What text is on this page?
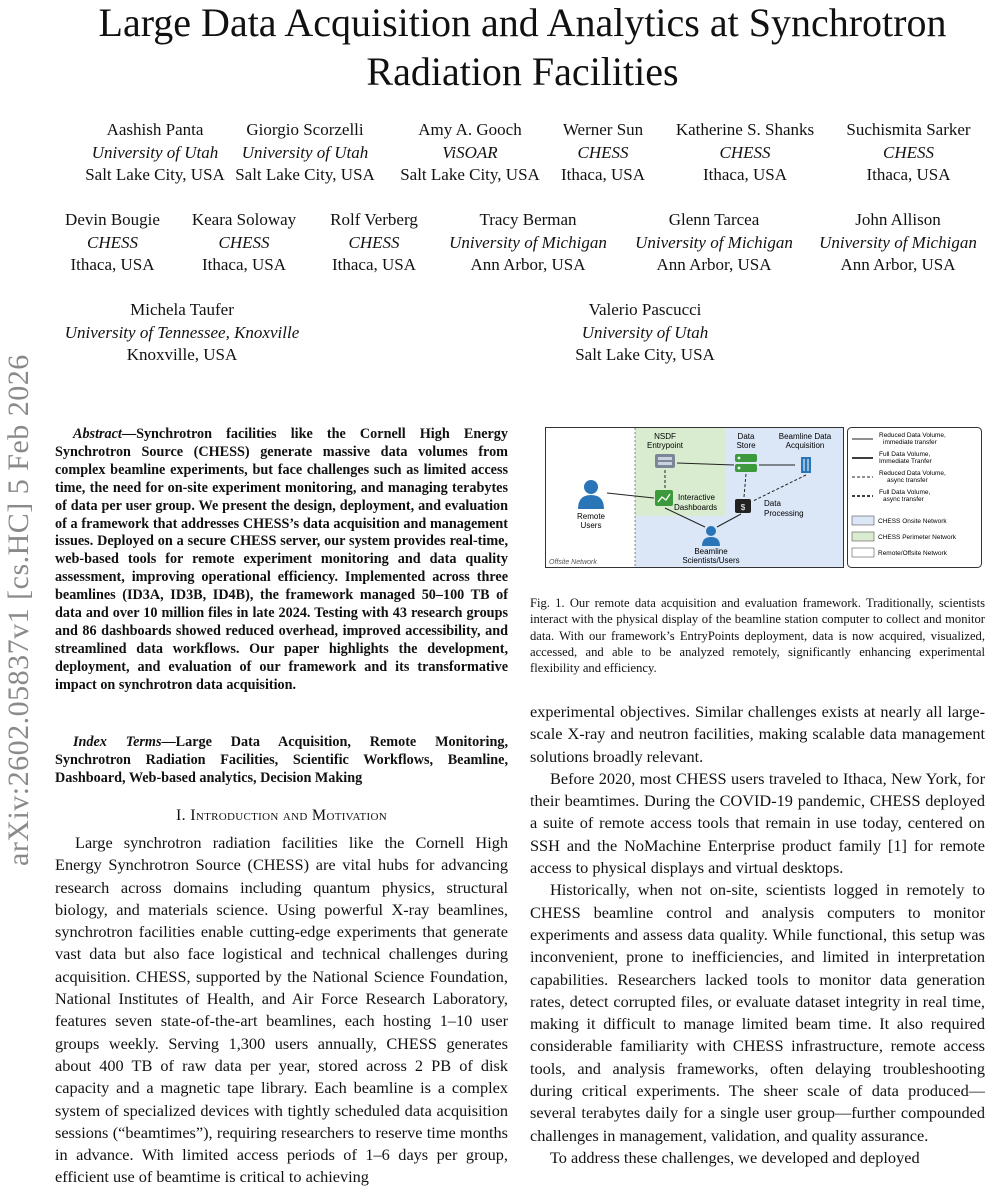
arXiv:2602.05837v1 [cs.HC] 5 Feb 2026
Large Data Acquisition and Analytics at Synchrotron Radiation Facilities
Aashish Panta
University of Utah
Salt Lake City, USA
Giorgio Scorzelli
University of Utah
Salt Lake City, USA
Amy A. Gooch
ViSOAR
Salt Lake City, USA
Werner Sun
CHESS
Ithaca, USA
Katherine S. Shanks
CHESS
Ithaca, USA
Suchismita Sarker
CHESS
Ithaca, USA
Devin Bougie
CHESS
Ithaca, USA
Keara Soloway
CHESS
Ithaca, USA
Rolf Verberg
CHESS
Ithaca, USA
Tracy Berman
University of Michigan
Ann Arbor, USA
Glenn Tarcea
University of Michigan
Ann Arbor, USA
John Allison
University of Michigan
Ann Arbor, USA
Michela Taufer
University of Tennessee, Knoxville
Knoxville, USA
Valerio Pascucci
University of Utah
Salt Lake City, USA
Abstract—Synchrotron facilities like the Cornell High Energy Synchrotron Source (CHESS) generate massive data volumes from complex beamline experiments, but face challenges such as limited access time, the need for on-site experiment monitoring, and managing terabytes of data per user group. We present the design, deployment, and evaluation of a framework that addresses CHESS’s data acquisition and management issues. Deployed on a secure CHESS server, our system provides real-time, web-based tools for remote experiment monitoring and data quality assessment, improving operational efficiency. Implemented across three beamlines (ID3A, ID3B, ID4B), the framework managed 50–100 TB of data and over 10 million files in late 2024. Testing with 43 research groups and 86 dashboards showed reduced overhead, improved accessibility, and streamlined data workflows. Our paper highlights the development, deployment, and evaluation of our framework and its transformative impact on synchrotron data acquisition.
Index Terms—Large Data Acquisition, Remote Monitoring, Synchrotron Radiation Facilities, Scientific Workflows, Beamline, Dashboard, Web-based analytics, Decision Making
I. Introduction and Motivation

Large synchrotron radiation facilities like the Cornell High Energy Synchrotron Source (CHESS) are vital hubs for advancing research across domains including quantum physics, structural biology, and materials science. Using powerful X-ray beamlines, synchrotron facilities enable cutting-edge experiments that generate vast data but also face logistical and technical challenges during acquisition. CHESS, supported by the National Science Foundation, National Institutes of Health, and Air Force Research Laboratory, features seven state-of-the-art beamlines, each hosting 1–10 user groups weekly. Serving 1,300 users annually, CHESS generates about 400 TB of raw data per year, stored across 2 PB of disk capacity and a magnetic tape library. Each beamline is a complex system of specialized devices with tightly scheduled data acquisition sessions (“beamtimes”), requiring researchers to reserve time months in advance. With limited access periods of 1–6 days per group, efficient use of beamtime is critical to achieving

Remote
Users
NSDF
Entrypoint
Interactive
Dashboards
Data
Store
Beamline Data
Acquisition
$ Data
Processing
Beamline
Scientists/Users
Offsite Network
Reduced Data Volume,
immediate transfer
Full Data Volume,
Immediate Tranfer
Reduced Data Volume,
async transfer
Full Data Volume,
async transfer
CHESS Onsite Network
CHESS Perimeter Network
Remote/Offsite Network
Fig. 1. Our remote data acquisition and evaluation framework. Traditionally, scientists interact with the physical display of the beamline station computer to collect and monitor data. With our framework’s EntryPoints deployment, data is now acquired, visualized, accessed, and able to be analyzed remotely, significantly enhancing experimental flexibility and efficiency.

experimental objectives. Similar challenges exists at nearly all large-scale X-ray and neutron facilities, making scalable data management solutions broadly relevant.

Before 2020, most CHESS users traveled to Ithaca, New York, for their beamtimes. During the COVID-19 pandemic, CHESS deployed a suite of remote access tools that remain in use today, centered on SSH and the NoMachine Enterprise product family [1] for remote access to physical displays and virtual desktops.

Historically, when not on-site, scientists logged in remotely to CHESS beamline control and analysis computers to monitor experiments and assess data quality. While functional, this setup was inconvenient, prone to inefficiencies, and limited in interpretation capabilities. Researchers lacked tools to monitor data generation rates, detect corrupted files, or evaluate dataset integrity in real time, making it difficult to manage limited beam time. It also required considerable familiarity with CHESS infrastructure, remote access tools, and analysis frameworks, often delaying troubleshooting during critical experiments. The sheer scale of data produced—several terabytes daily for a single user group—further compounded challenges in management, validation, and quality assurance.

To address these challenges, we developed and deployed
